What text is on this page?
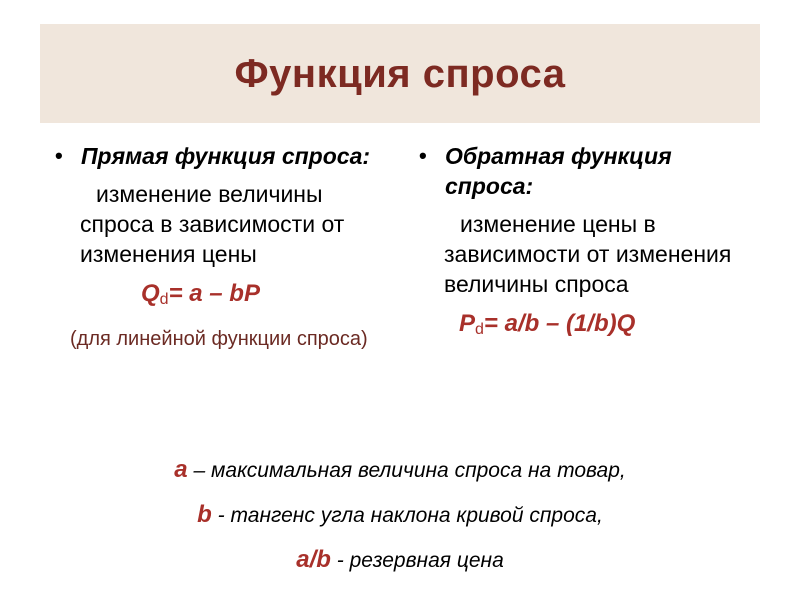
Функция спроса
• Прямая функция спроса:
изменение величины спроса в зависимости от изменения цены
$Q_d= a$ – bP
(для линейной функции спроса)
• Обратная функция спроса:
изменение цены в зависимости от изменения величины спроса
$P_d= a/b - (1/b)Q$
a – максимальная величина спроса на товар,
b - тангенс угла наклона кривой спроса,
a/b - резервная цена
